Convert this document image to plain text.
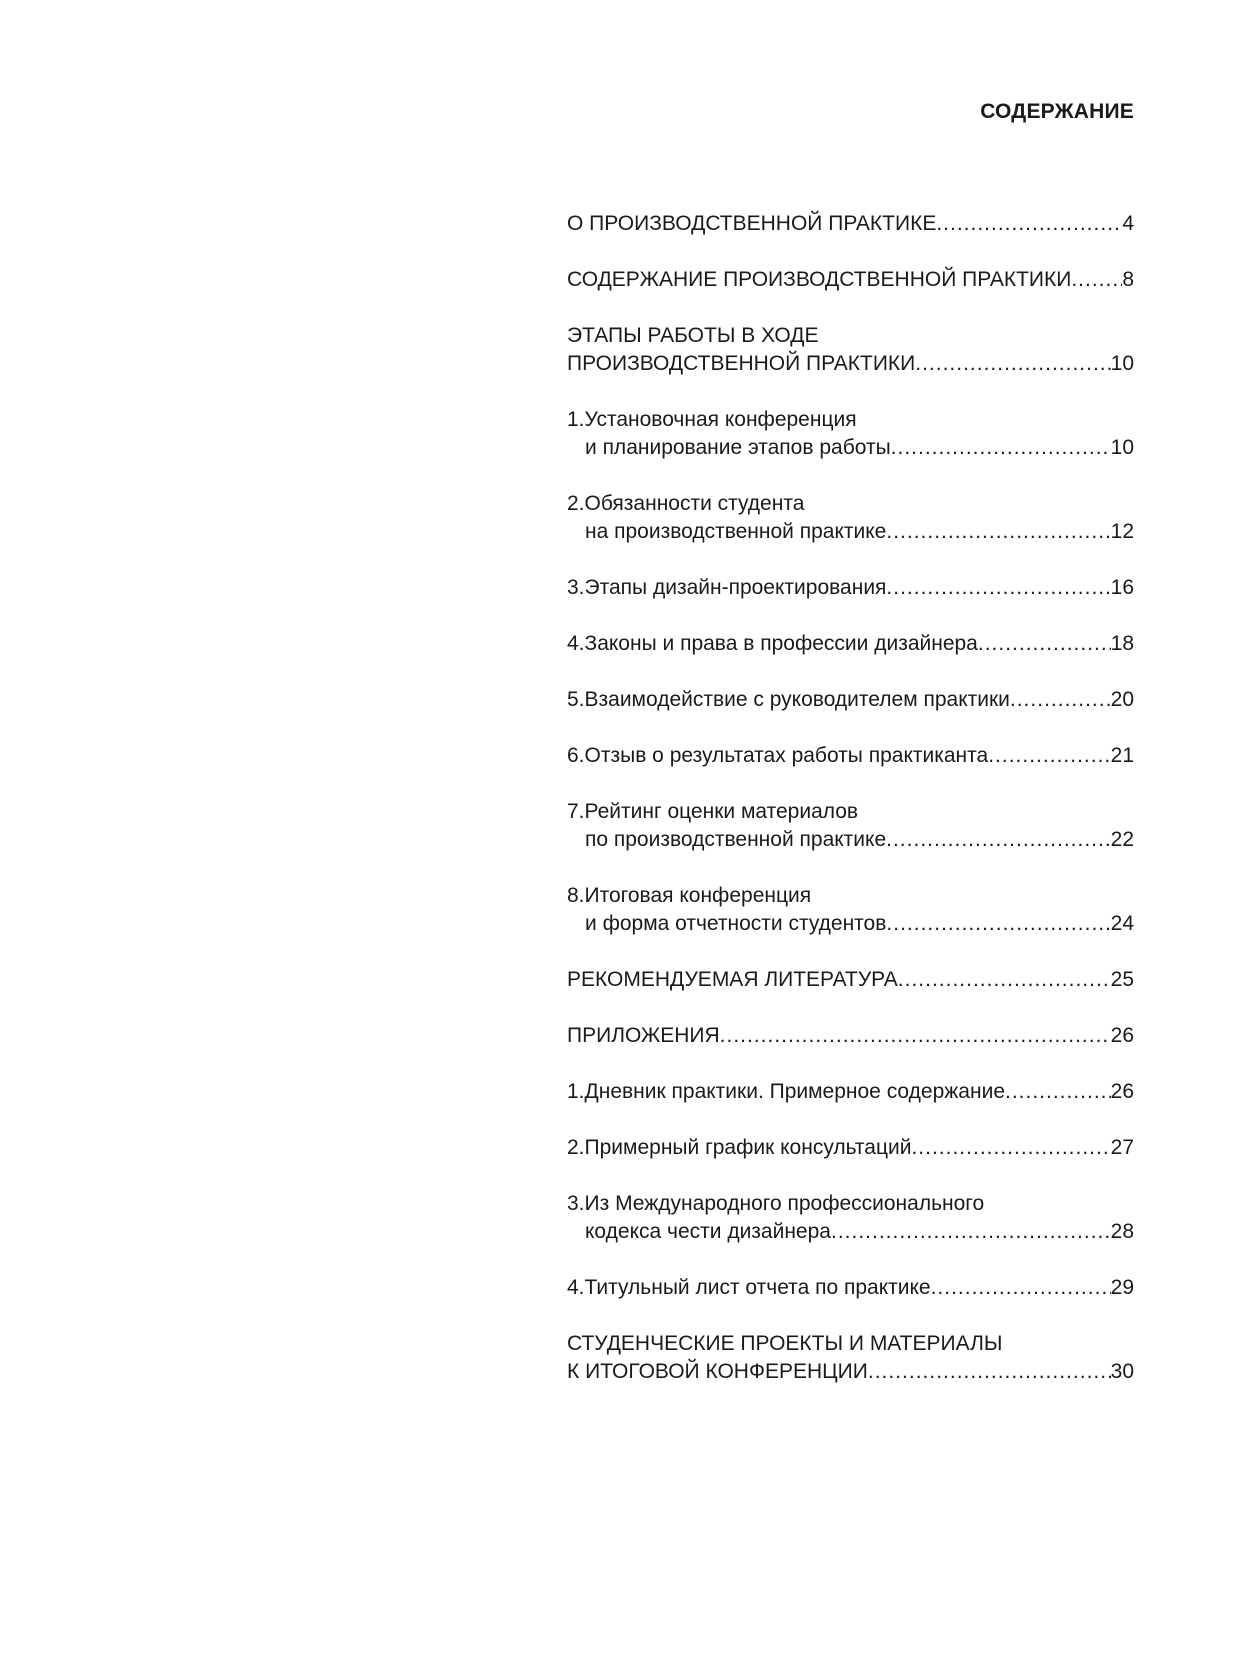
СОДЕРЖАНИЕ
О ПРОИЗВОДСТВЕННОЙ ПРАКТИКЕ .....	4
СОДЕРЖАНИЕ ПРОИЗВОДСТВЕННОЙ ПРАКТИКИ ..... 8
ЭТАПЫ РАБОТЫ В ХОДЕ
ПРОИЗВОДСТВЕННОЙ ПРАКТИКИ .....	10
1.Установочная конференция
и планирование этапов работы .....	10
2.Обязанности студента
на производственной практике .....	12
3.Этапы дизайн-проектирования .....	16
4.Законы и права в профессии дизайнера .....	18
5.Взаимодействие с руководителем практики .....	20
6.Отзыв о результатах работы практиканта .....	21
7.Рейтинг оценки материалов
по производственной практике .....	22
8.Итоговая конференция
и форма отчетности студентов .....	24
РЕКОМЕНДУЕМАЯ ЛИТЕРАТУРА .....	25
ПРИЛОЖЕНИЯ .....	26
1.Дневник практики. Примерное содержание .....	26
2.Примерный график консультаций .....	27
3.Из Международного профессионального
кодекса чести дизайнера .....	28
4.Титульный лист отчета по практике .....	29
СТУДЕНЧЕСКИЕ ПРОЕКТЫ И МАТЕРИАЛЫ
К ИТОГОВОЙ КОНФЕРЕНЦИИ .....	30
